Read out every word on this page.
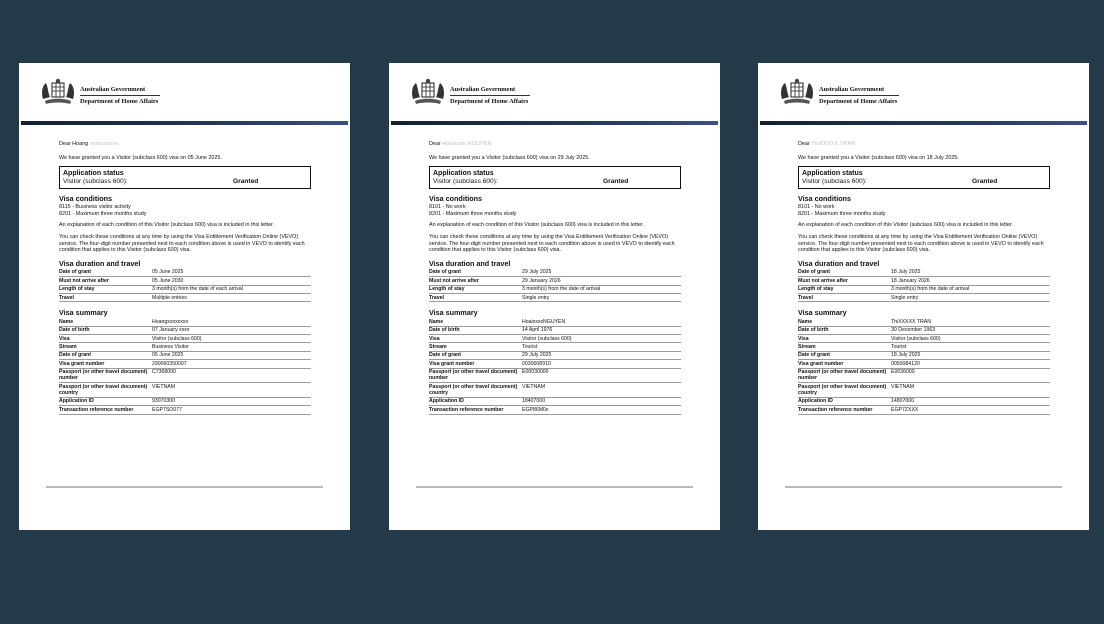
Australian Government
Department of Home Affairs

Dear Hoang xxxxxxxxxx

We have granted you a Visitor (subclass 600) visa on 05 June 2025.

Application status
Visitor (subclass 600):	Granted
Visa conditions

8115 - Business visitor activity

8201 - Maximum three months study

An explanation of each condition of this Visitor (subclass 600) visa is included in this letter.

You can check these conditions at any time by using the Visa Entitlement Verification Online (VEVO) service. The four-digit number presented next to each condition above is used in VEVO to identify each condition that applies to this Visitor (subclass 600) visa.

Visa duration and travel
Date of grant	05 June 2025
Must not arrive after	05 June 2030
Length of stay	3 month(s) from the date of each arrival
Travel	Multiple entries
Visa summary
Name	Hoangxxxxxxxx
Date of birth	07 January xxxx
Visa	Visitor (subclass 600)
Stream	Business Visitor
Date of grant	05 June 2025
Visa grant number	290060350007
Passport (or other travel document) number	C7368000
Passport (or other travel document) country	VIETNAM
Application ID	93070300
Transaction reference number	EGP7SO077
Australian Government
Department of Home Affairs

Dear Hoaixxxx NGUYEN

We have granted you a Visitor (subclass 600) visa on 29 July 2025.

Application status
Visitor (subclass 600):	Granted
Visa conditions

8101 - No work

8201 - Maximum three months study

An explanation of each condition of this Visitor (subclass 600) visa is included in this letter.

You can check these conditions at any time by using the Visa Entitlement Verification Online (VEVO) service. The four-digit number presented next to each condition above is used in VEVO to identify each condition that applies to this Visitor (subclass 600) visa.

Visa duration and travel
Date of grant	29 July 2025
Must not arrive after	29 January 2026
Length of stay	3 month(s) from the date of arrival
Travel	Single entry
Visa summary
Name	HoaixxxxNGUYEN
Date of birth	14 April 1976
Visa	Visitor (subclass 600)
Stream	Tourist
Date of grant	29 July 2025
Visa grant number	0030008910
Passport (or other travel document) number	E00030000
Passport (or other travel document) country	VIETNAM
Application ID	18407000
Transaction reference number	EGP86M0x
Australian Government
Department of Home Affairs

Dear ThiXXXXX TRAN

We have granted you a Visitor (subclass 600) visa on 18 July 2025.

Application status
Visitor (subclass 600):	Granted
Visa conditions

8101 - No work

8201 - Maximum three months study

An explanation of each condition of this Visitor (subclass 600) visa is included in this letter.

You can check these conditions at any time by using the Visa Entitlement Verification Online (VEVO) service. The four-digit number presented next to each condition above is used in VEVO to identify each condition that applies to this Visitor (subclass 600) visa.

Visa duration and travel
Date of grant	18 July 2025
Must not arrive after	18 January 2026
Length of stay	3 month(s) from the date of arrival
Travel	Single entry
Visa summary
Name	ThiXXXXX TRAN
Date of birth	30 December 1963
Visa	Visitor (subclass 600)
Stream	Tourist
Date of grant	18 July 2025
Visa grant number	0050084120
Passport (or other travel document) number	E0036000
Passport (or other travel document) country	VIETNAM
Application ID	14807000
Transaction reference number	EGP7ZXXX
